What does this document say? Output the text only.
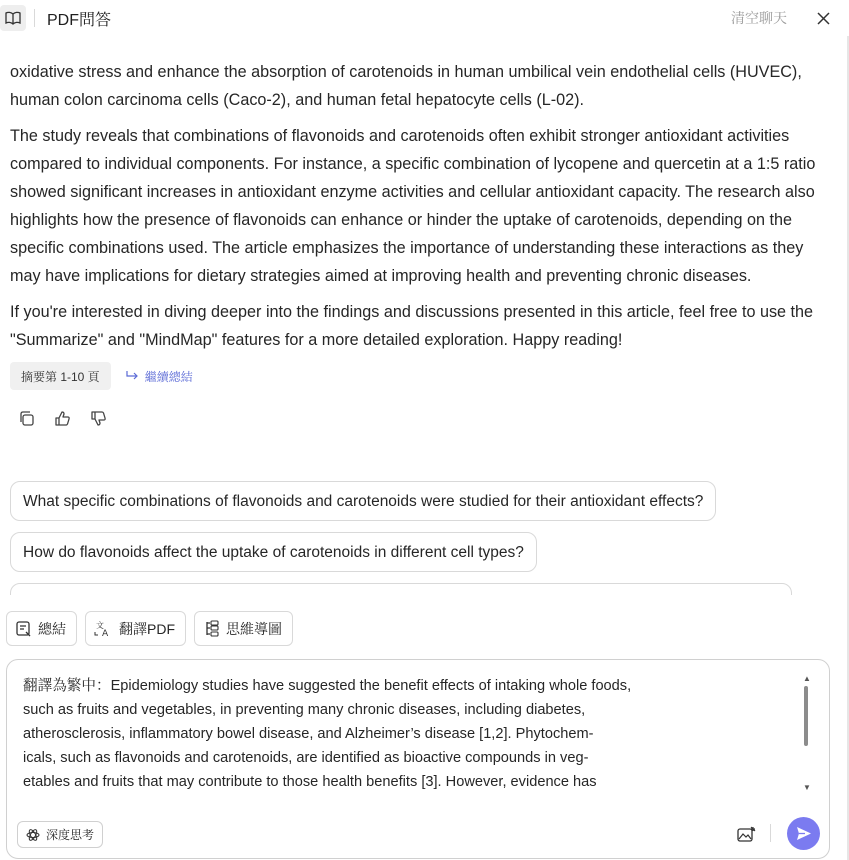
PDF問答	清空聊天

oxidative stress and enhance the absorption of carotenoids in human umbilical vein endothelial cells (HUVEC), human colon carcinoma cells (Caco-2), and human fetal hepatocyte cells (L-02).

The study reveals that combinations of flavonoids and carotenoids often exhibit stronger antioxidant activities compared to individual components. For instance, a specific combination of lycopene and quercetin at a 1:5 ratio showed significant increases in antioxidant enzyme activities and cellular antioxidant capacity. The research also highlights how the presence of flavonoids can enhance or hinder the uptake of carotenoids, depending on the specific combinations used. The article emphasizes the importance of understanding these interactions as they may have implications for dietary strategies aimed at improving health and preventing chronic diseases.

If you're interested in diving deeper into the findings and discussions presented in this article, feel free to use the "Summarize" and "MindMap" features for a more detailed exploration. Happy reading!

摘要第 1-10 頁	繼續總結
What specific combinations of flavonoids and carotenoids were studied for their antioxidant effects?
How do flavonoids affect the uptake of carotenoids in different cell types?
總結	文
A 翻譯PDF	思維導圖
翻譯為繁中：Epidemiology studies have suggested the benefit effects of intaking whole foods,
such as fruits and vegetables, in preventing many chronic diseases, including diabetes,
atherosclerosis, inflammatory bowel disease, and Alzheimer’s disease [1,2]. Phytochem-
icals, such as flavonoids and carotenoids, are identified as bioactive compounds in veg-
etables and fruits that may contribute to those health benefits [3]. However, evidence has
▲
▼
深度思考
